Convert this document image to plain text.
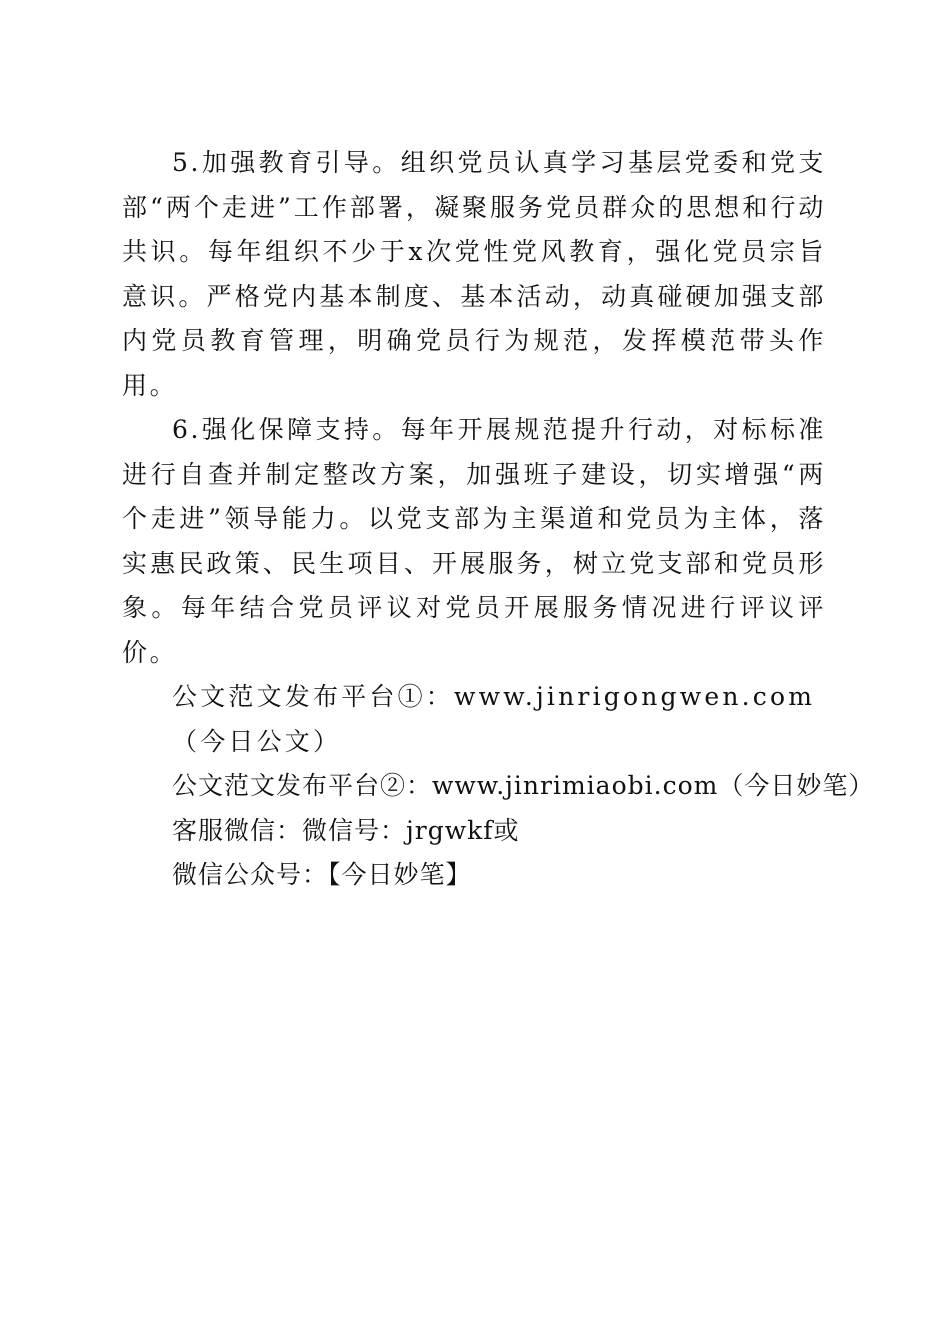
5.加强教育引导。组织党员认真学习基层党委和党支部“两个走进”工作部署，凝聚服务党员群众的思想和行动共识。每年组织不少于x次党性党风教育，强化党员宗旨意识。严格党内基本制度、基本活动，动真碰硬加强支部内党员教育管理，明确党员行为规范，发挥模范带头作用。

6.强化保障支持。每年开展规范提升行动，对标标准进行自查并制定整改方案，加强班子建设，切实增强“两个走进”领导能力。以党支部为主渠道和党员为主体，落实惠民政策、民生项目、开展服务，树立党支部和党员形象。每年结合党员评议对党员开展服务情况进行评议评价。

公文范文发布平台①：www.jinrigongwen.com（今日公文）

公文范文发布平台②：www.jinrimiaobi.com（今日妙笔）

客服微信：微信号：jrgwkf或

微信公众号：【今日妙笔】
